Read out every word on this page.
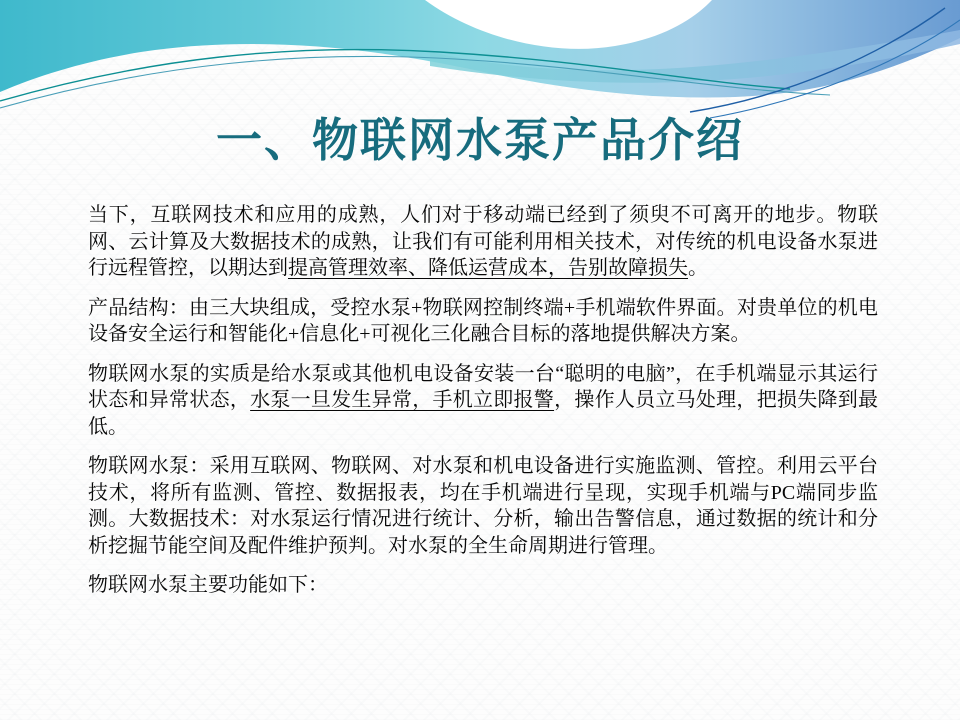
一、物联网水泵产品介绍

当下，互联网技术和应用的成熟，人们对于移动端已经到了须臾不可离开的地步。物联网、云计算及大数据技术的成熟，让我们有可能利用相关技术，对传统的机电设备水泵进行远程管控，以期达到提高管理效率、降低运营成本，告别故障损失。

产品结构：由三大块组成，受控水泵+物联网控制终端+手机端软件界面。对贵单位的机电设备安全运行和智能化+信息化+可视化三化融合目标的落地提供解决方案。

物联网水泵的实质是给水泵或其他机电设备安装一台“聪明的电脑”，在手机端显示其运行状态和异常状态，水泵一旦发生异常，手机立即报警，操作人员立马处理，把损失降到最低。

物联网水泵：采用互联网、物联网、对水泵和机电设备进行实施监测、管控。利用云平台技术，将所有监测、管控、数据报表，均在手机端进行呈现，实现手机端与PC端同步监测。大数据技术：对水泵运行情况进行统计、分析，输出告警信息，通过数据的统计和分析挖掘节能空间及配件维护预判。对水泵的全生命周期进行管理。

物联网水泵主要功能如下：
